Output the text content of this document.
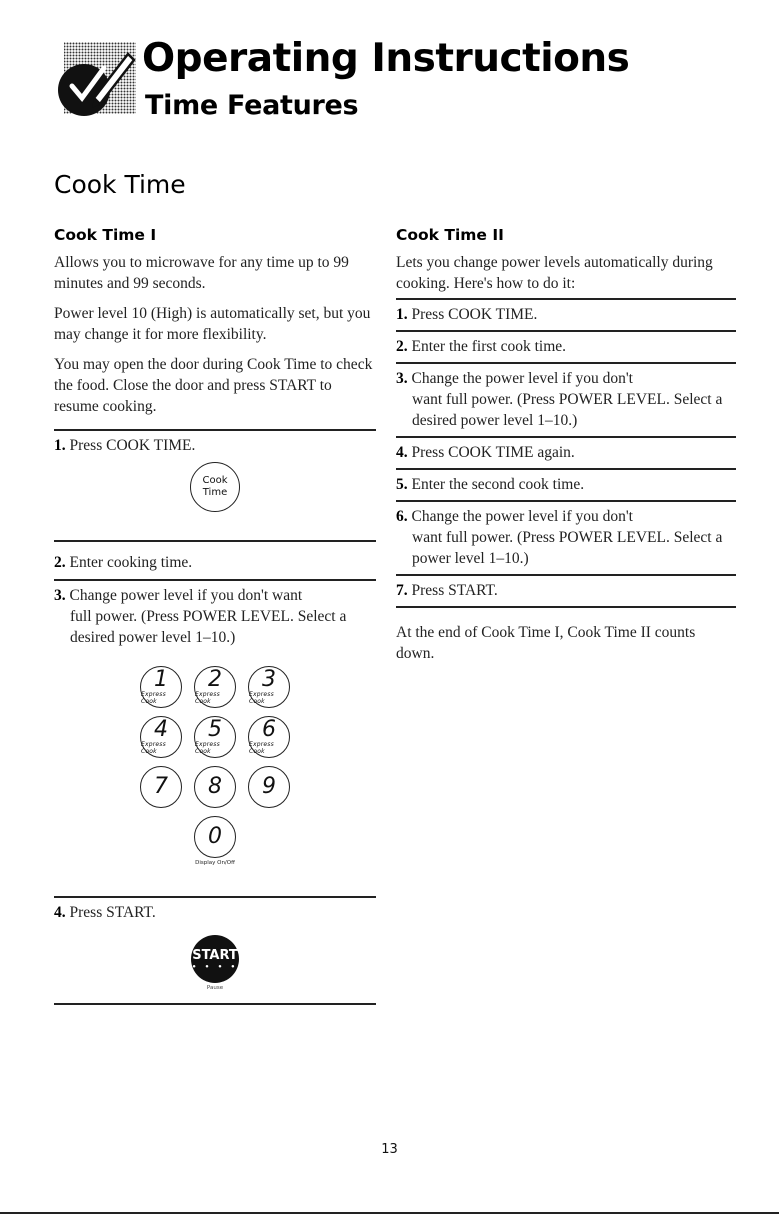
Operating Instructions
Time Features
Cook Time
Cook Time I

Allows you to microwave for any time up to 99 minutes and 99 seconds.

Power level 10 (High) is automatically set, but you may change it for more flexibility.

You may open the door during Cook Time to check the food. Close the door and press START to resume cooking.

1. Press COOK TIME.
Cook
Time
2. Enter cooking time.
3. Change power level if you don't want
full power. (Press POWER LEVEL. Select a desired power level 1–10.)
1
Express Cook
2
Express Cook
3
Express Cook
4
Express Cook
5
Express Cook
6
Express Cook
7 8 9
0
Display On/Off
4. Press START.
START
• • • •
Pause
Cook Time II

Lets you change power levels automatically during cooking. Here's how to do it:

1. Press COOK TIME.
2. Enter the first cook time.
3. Change the power level if you don't
want full power. (Press POWER LEVEL. Select a desired power level 1–10.)
4. Press COOK TIME again.
5. Enter the second cook time.
6. Change the power level if you don't
want full power. (Press POWER LEVEL. Select a power level 1–10.)
7. Press START.

At the end of Cook Time I, Cook Time II counts down.

13
